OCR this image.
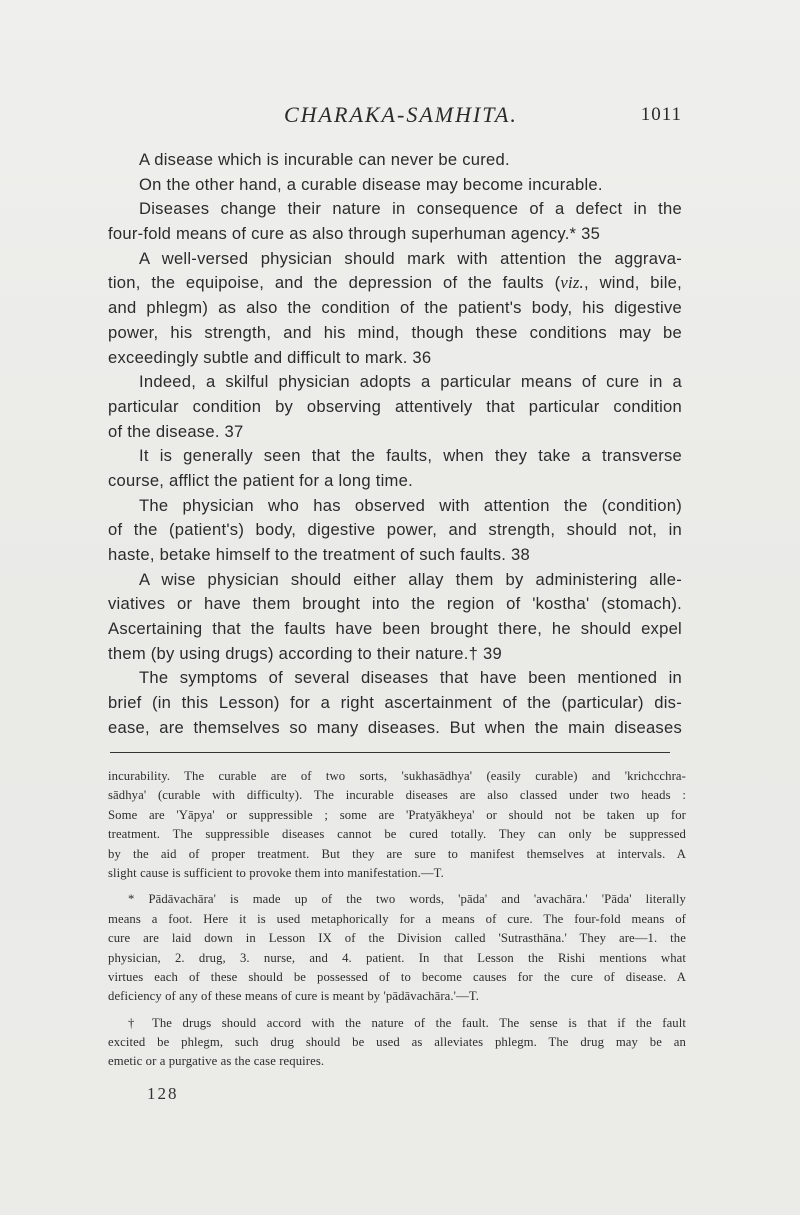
CHARAKA-SAMHITA.	1011
A disease which is incurable can never be cured.
On the other hand, a curable disease may become incurable.
Diseases change their nature in consequence of a defect in the
four-fold means of cure as also through superhuman agency.* 35
A well-versed physician should mark with attention the aggrava-
tion, the equipoise, and the depression of the faults (viz., wind, bile,
and phlegm) as also the condition of the patient's body, his digestive
power, his strength, and his mind, though these conditions may be
exceedingly subtle and difficult to mark. 36
Indeed, a skilful physician adopts a particular means of cure in a
particular condition by observing attentively that particular condition
of the disease. 37
It is generally seen that the faults, when they take a transverse
course, afflict the patient for a long time.
The physician who has observed with attention the (condition)
of the (patient's) body, digestive power, and strength, should not, in
haste, betake himself to the treatment of such faults. 38
A wise physician should either allay them by administering alle-
viatives or have them brought into the region of 'kostha' (stomach).
Ascertaining that the faults have been brought there, he should expel
them (by using drugs) according to their nature.† 39
The symptoms of several diseases that have been mentioned in
brief (in this Lesson) for a right ascertainment of the (particular) dis-
ease, are themselves so many diseases. But when the main diseases
incurability. The curable are of two sorts, 'sukhasādhya' (easily curable) and 'krichcchra-
sādhya' (curable with difficulty). The incurable diseases are also classed under two heads :
Some are 'Yāpya' or suppressible ; some are 'Pratyākheya' or should not be taken up for
treatment. The suppressible diseases cannot be cured totally. They can only be suppressed
by the aid of proper treatment. But they are sure to manifest themselves at intervals. A
slight cause is sufficient to provoke them into manifestation.—T.
* Pādāvachāra' is made up of the two words, 'pāda' and 'avachāra.' 'Pāda' literally
means a foot. Here it is used metaphorically for a means of cure. The four-fold means of
cure are laid down in Lesson IX of the Division called 'Sutrasthāna.' They are—1. the
physician, 2. drug, 3. nurse, and 4. patient. In that Lesson the Rishi mentions what
virtues each of these should be possessed of to become causes for the cure of disease. A
deficiency of any of these means of cure is meant by 'pādāvachāra.'—T.
† The drugs should accord with the nature of the fault. The sense is that if the fault
excited be phlegm, such drug should be used as alleviates phlegm. The drug may be an
emetic or a purgative as the case requires.
128
